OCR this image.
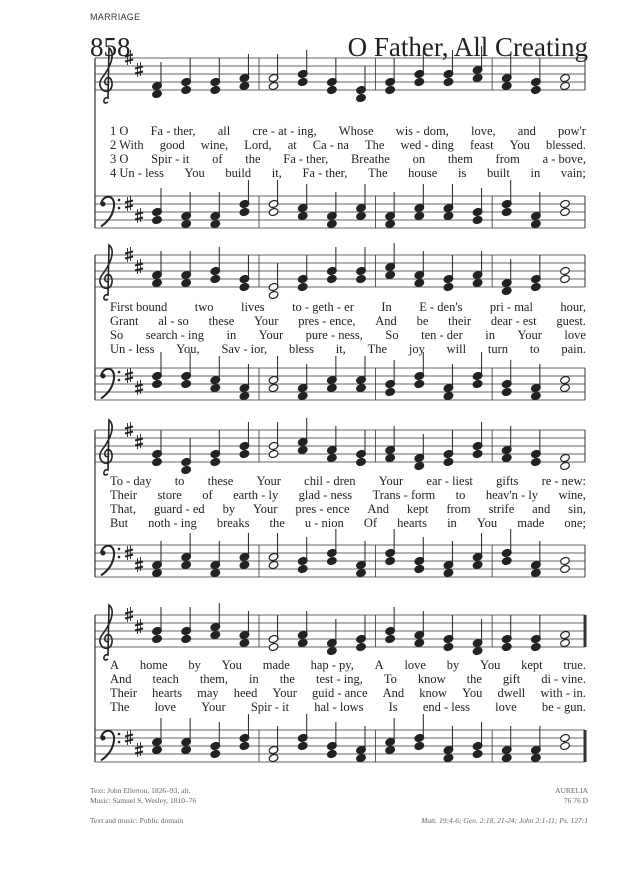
MARRIAGE
858	O Father, All Creating
1 O Fa - ther, all cre - at - ing, Whose wis - dom, love, and pow'r
2 With good wine, Lord, at Ca - na The wed - ding feast You blessed.
3 O Spir - it of the Fa - ther, Breathe on them from a - bove,
4 Un - less You build it, Fa - ther, The house is built in vain;
First bound two lives to - geth - er In E - den's pri - mal hour,
Grant al - so these Your pres - ence, And be their dear - est guest.
So search - ing in Your pure - ness, So ten - der in Your love
Un - less You, Sav - ior, bless it, The joy will turn to pain.
To - day to these Your chil - dren Your ear - liest gifts re - new:
Their store of earth - ly glad - ness Trans - form to heav'n - ly wine,
That, guard - ed by Your pres - ence And kept from strife and sin,
But noth - ing breaks the u - nion Of hearts in You made one;
A home by You made hap - py, A love by You kept true.
And teach them, in the test - ing, To know the gift di - vine.
Their hearts may heed Your guid - ance And know You dwell with - in.
The love Your Spir - it hal - lows Is end - less love be - gun.
Text: John Ellerton, 1826–93, alt.
Music: Samuel S. Wesley, 1810–76
AURELIA
76 76 D
Text and music: Public domain	Matt. 19:4-6; Gen. 2:18, 21-24; John 2:1-11; Ps. 127:1
